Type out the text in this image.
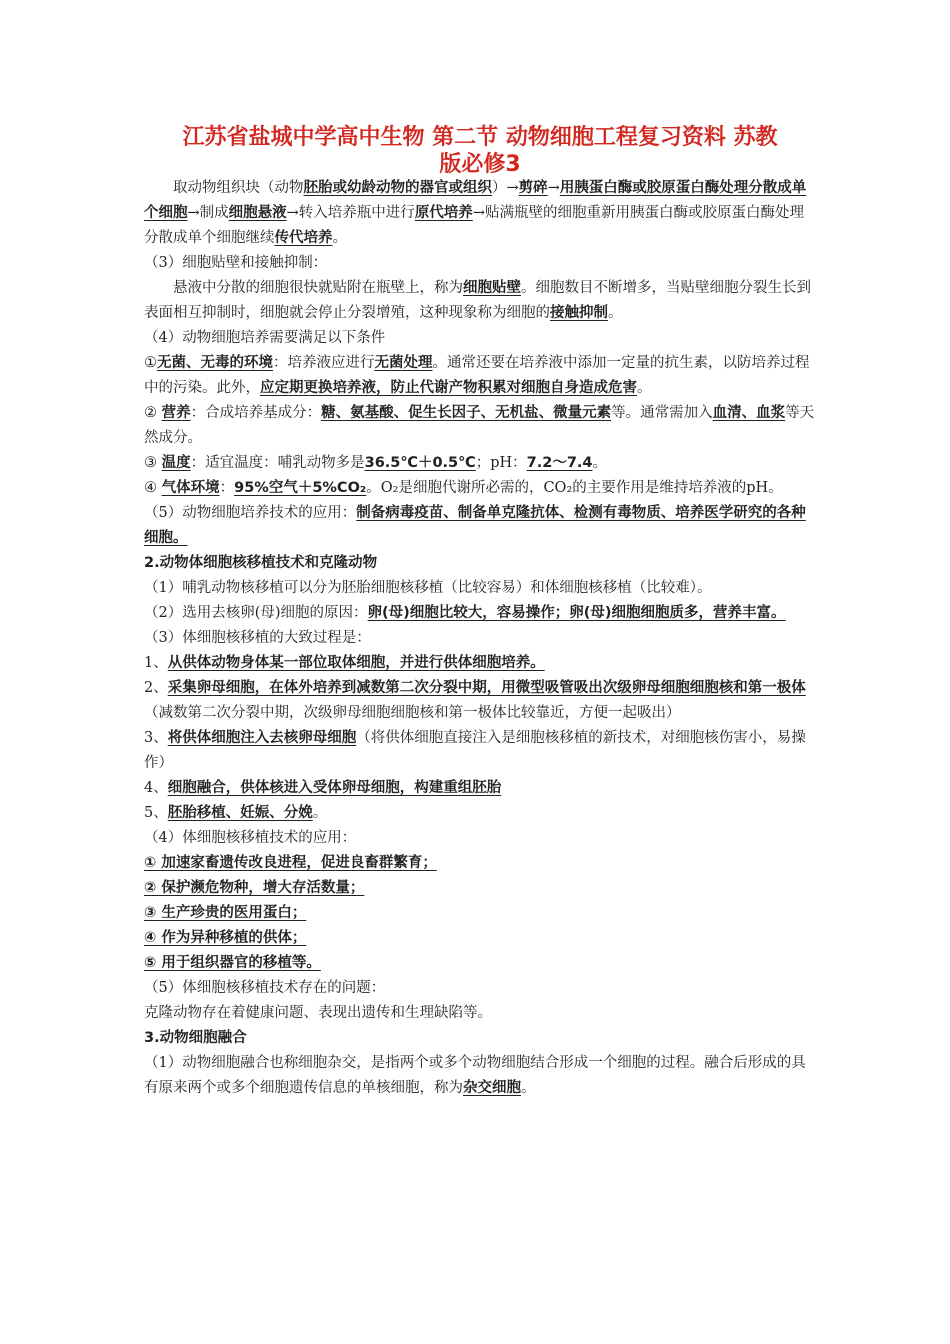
江苏省盐城中学高中生物 第二节 动物细胞工程复习资料 苏教
版必修3

取动物组织块（动物胚胎或幼龄动物的器官或组织）→剪碎→用胰蛋白酶或胶原蛋白酶处理分散成单个细胞→制成细胞悬液→转入培养瓶中进行原代培养→贴满瓶壁的细胞重新用胰蛋白酶或胶原蛋白酶处理分散成单个细胞继续传代培养。

（3）细胞贴壁和接触抑制：

悬液中分散的细胞很快就贴附在瓶壁上，称为细胞贴壁。细胞数目不断增多，当贴壁细胞分裂生长到表面相互抑制时，细胞就会停止分裂增殖，这种现象称为细胞的接触抑制。

（4）动物细胞培养需要满足以下条件

①无菌、无毒的环境：培养液应进行无菌处理。通常还要在培养液中添加一定量的抗生素，以防培养过程中的污染。此外，应定期更换培养液，防止代谢产物积累对细胞自身造成危害。

② 营养：合成培养基成分：糖、氨基酸、促生长因子、无机盐、微量元素等。通常需加入血清、血浆等天然成分。

③ 温度：适宜温度：哺乳动物多是36.5℃＋0.5℃；pH：7.2～7.4。

④ 气体环境：95%空气＋5%CO₂。O₂是细胞代谢所必需的，CO₂的主要作用是维持培养液的pH。

（5）动物细胞培养技术的应用：制备病毒疫苗、制备单克隆抗体、检测有毒物质、培养医学研究的各种细胞。

2.动物体细胞核移植技术和克隆动物

（1）哺乳动物核移植可以分为胚胎细胞核移植（比较容易）和体细胞核移植（比较难）。

（2）选用去核卵(母)细胞的原因：卵(母)细胞比较大，容易操作；卵(母)细胞细胞质多，营养丰富。

（3）体细胞核移植的大致过程是：

1、从供体动物身体某一部位取体细胞，并进行供体细胞培养。

2、采集卵母细胞，在体外培养到减数第二次分裂中期，用微型吸管吸出次级卵母细胞细胞核和第一极体（减数第二次分裂中期，次级卵母细胞细胞核和第一极体比较靠近，方便一起吸出）

3、将供体细胞注入去核卵母细胞（将供体细胞直接注入是细胞核移植的新技术，对细胞核伤害小，易操作）

4、细胞融合，供体核进入受体卵母细胞，构建重组胚胎

5、胚胎移植、妊娠、分娩。

（4）体细胞核移植技术的应用：

① 加速家畜遗传改良进程，促进良畜群繁育；

② 保护濒危物种，增大存活数量；

③ 生产珍贵的医用蛋白；

④ 作为异种移植的供体；

⑤ 用于组织器官的移植等。

（5）体细胞核移植技术存在的问题：

克隆动物存在着健康问题、表现出遗传和生理缺陷等。

3.动物细胞融合

（1）动物细胞融合也称细胞杂交，是指两个或多个动物细胞结合形成一个细胞的过程。融合后形成的具有原来两个或多个细胞遗传信息的单核细胞，称为杂交细胞。
